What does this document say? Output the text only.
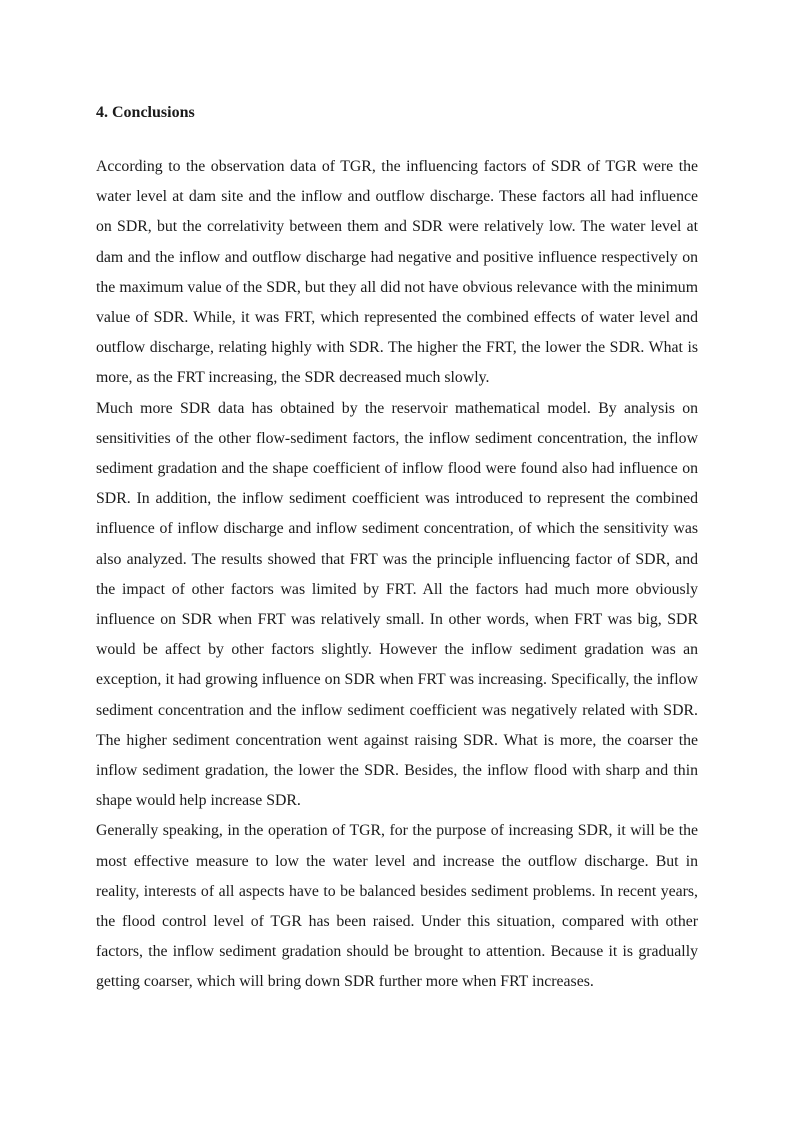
4. Conclusions

According to the observation data of TGR, the influencing factors of SDR of TGR were the water level at dam site and the inflow and outflow discharge. These factors all had influence on SDR, but the correlativity between them and SDR were relatively low. The water level at dam and the inflow and outflow discharge had negative and positive influence respectively on the maximum value of the SDR, but they all did not have obvious relevance with the minimum value of SDR. While, it was FRT, which represented the combined effects of water level and outflow discharge, relating highly with SDR. The higher the FRT, the lower the SDR. What is more, as the FRT increasing, the SDR decreased much slowly.

Much more SDR data has obtained by the reservoir mathematical model. By analysis on sensitivities of the other flow-sediment factors, the inflow sediment concentration, the inflow sediment gradation and the shape coefficient of inflow flood were found also had influence on SDR. In addition, the inflow sediment coefficient was introduced to represent the combined influence of inflow discharge and inflow sediment concentration, of which the sensitivity was also analyzed. The results showed that FRT was the principle influencing factor of SDR, and the impact of other factors was limited by FRT. All the factors had much more obviously influence on SDR when FRT was relatively small. In other words, when FRT was big, SDR would be affect by other factors slightly. However the inflow sediment gradation was an exception, it had growing influence on SDR when FRT was increasing. Specifically, the inflow sediment concentration and the inflow sediment coefficient was negatively related with SDR. The higher sediment concentration went against raising SDR. What is more, the coarser the inflow sediment gradation, the lower the SDR. Besides, the inflow flood with sharp and thin shape would help increase SDR.

Generally speaking, in the operation of TGR, for the purpose of increasing SDR, it will be the most effective measure to low the water level and increase the outflow discharge. But in reality, interests of all aspects have to be balanced besides sediment problems. In recent years, the flood control level of TGR has been raised. Under this situation, compared with other factors, the inflow sediment gradation should be brought to attention. Because it is gradually getting coarser, which will bring down SDR further more when FRT increases.
